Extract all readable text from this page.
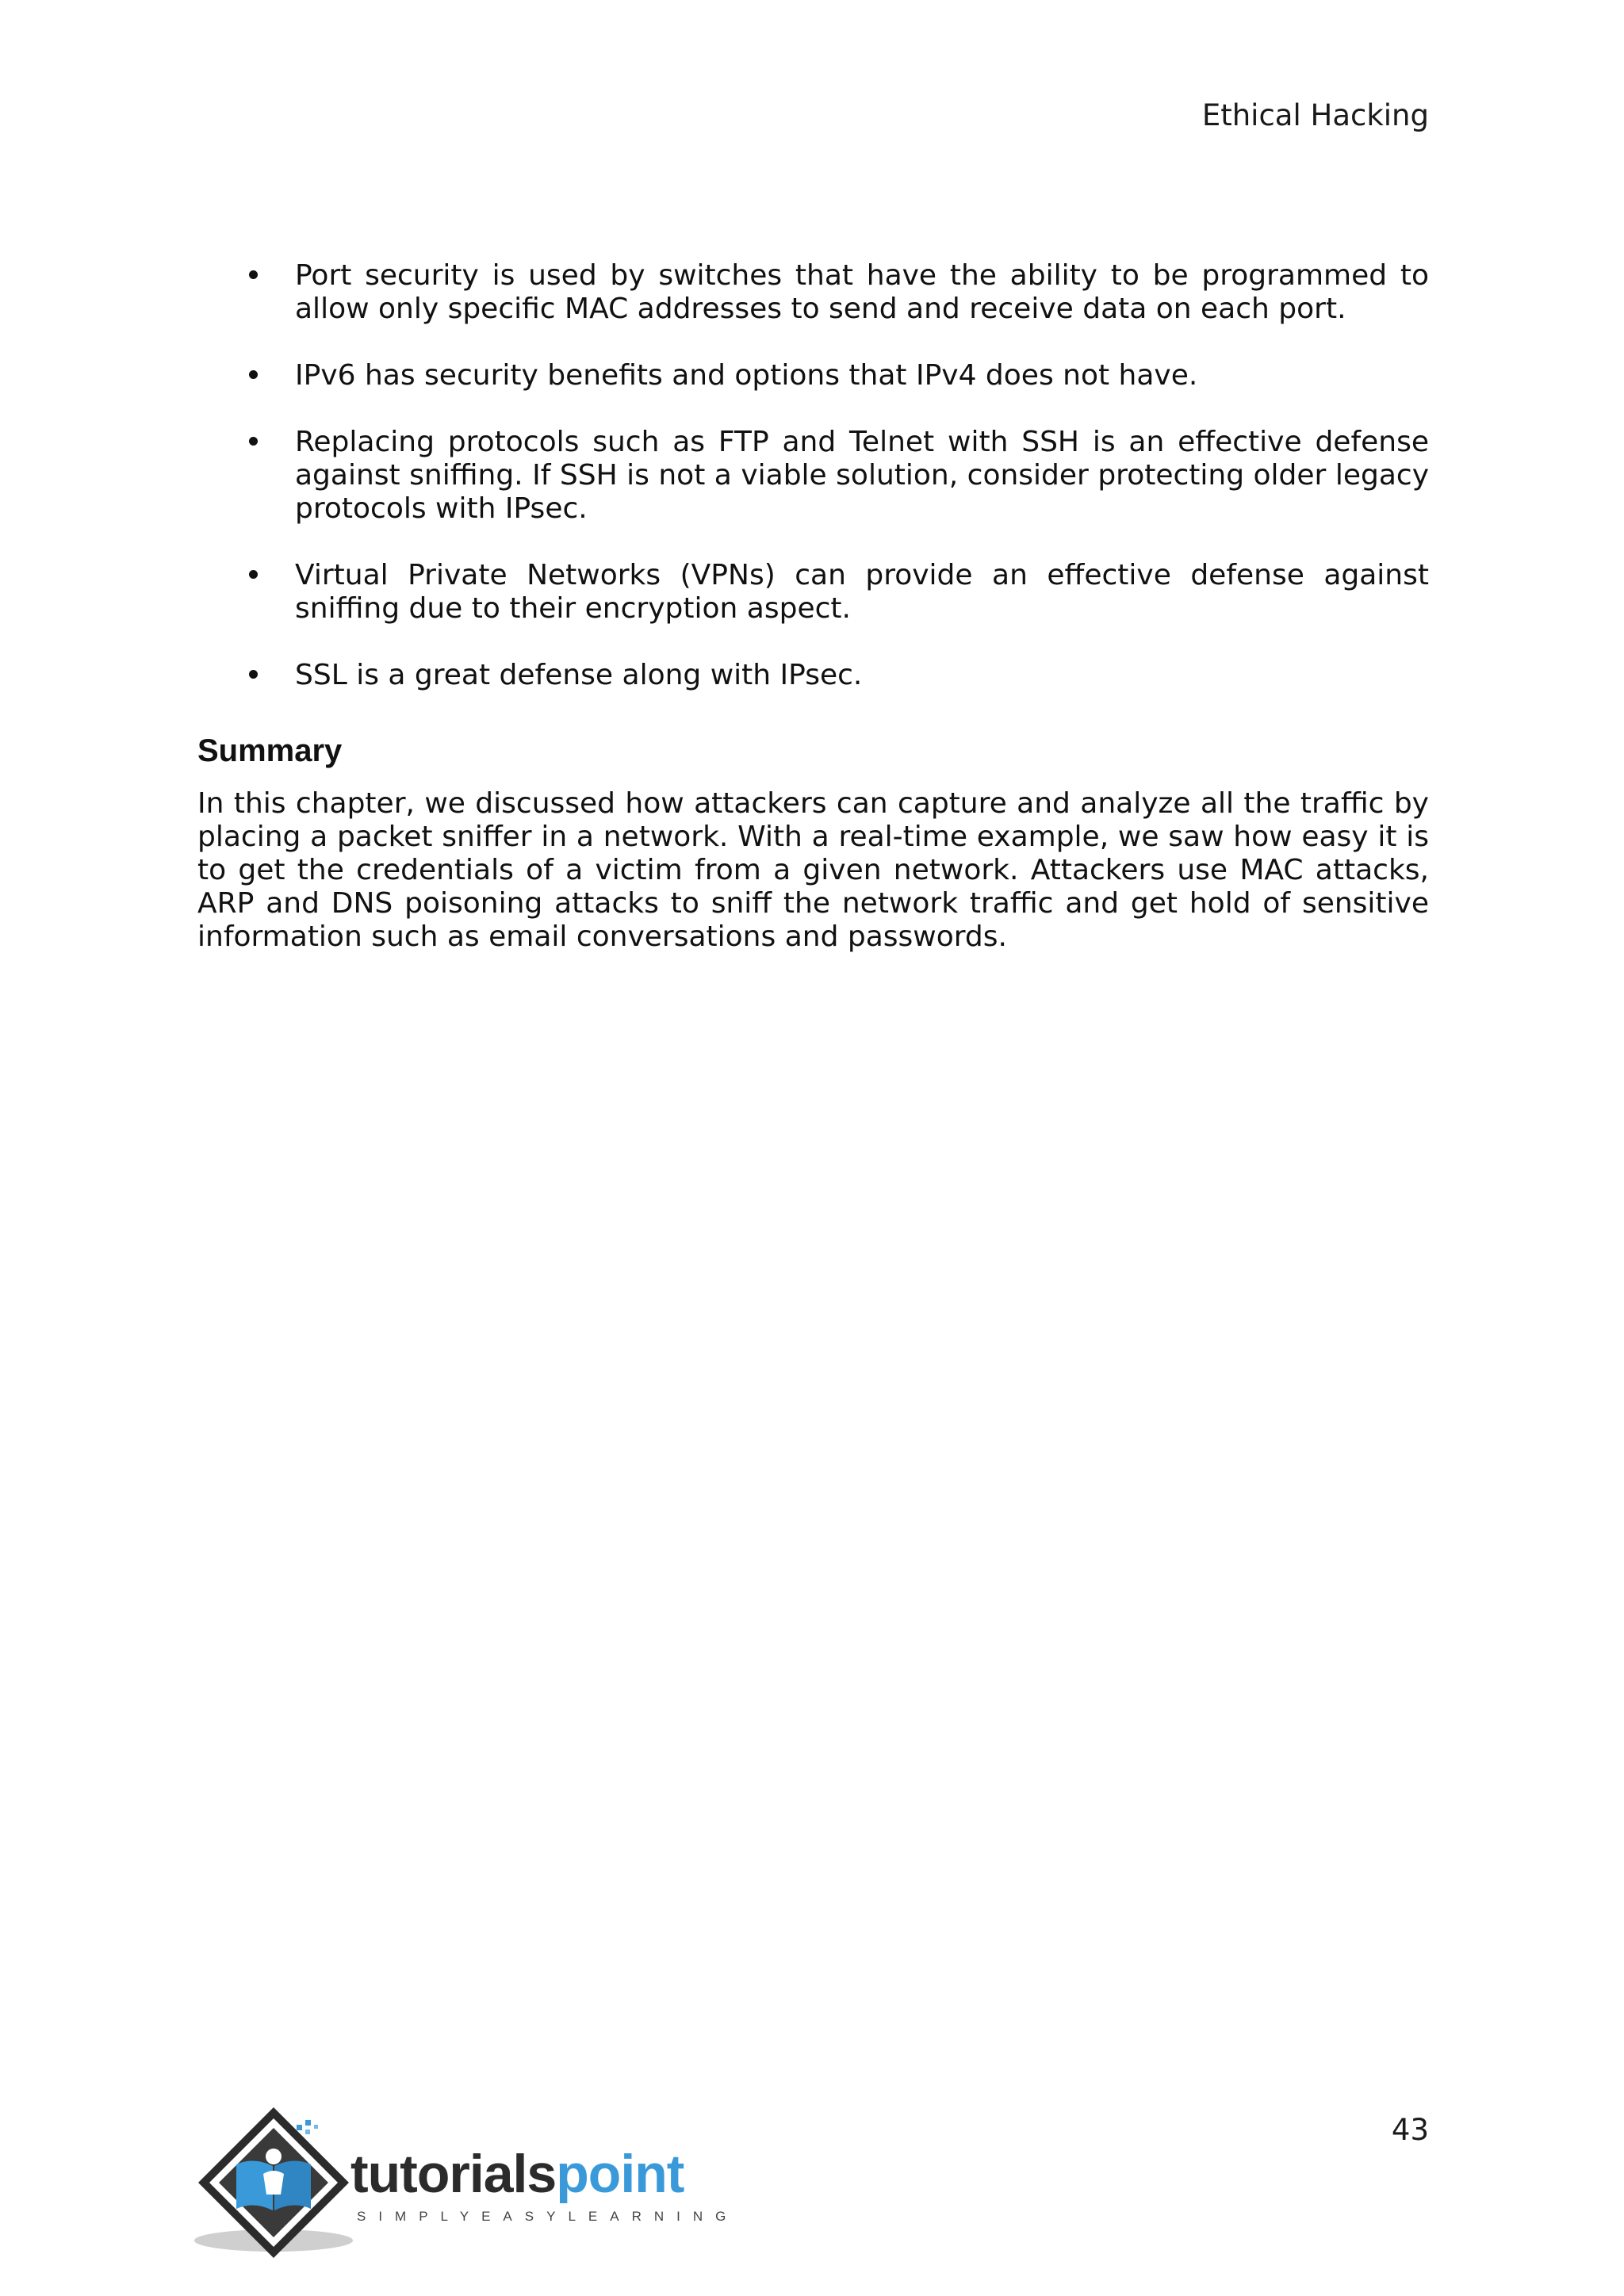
Ethical Hacking
Port security is used by switches that have the ability to be programmed to allow only specific MAC addresses to send and receive data on each port.
IPv6 has security benefits and options that IPv4 does not have.
Replacing protocols such as FTP and Telnet with SSH is an effective defense against sniffing. If SSH is not a viable solution, consider protecting older legacy protocols with IPsec.
Virtual Private Networks (VPNs) can provide an effective defense against sniffing due to their encryption aspect.
SSL is a great defense along with IPsec.
Summary

In this chapter, we discussed how attackers can capture and analyze all the traffic by placing a packet sniffer in a network. With a real-time example, we saw how easy it is to get the credentials of a victim from a given network. Attackers use MAC attacks, ARP and DNS poisoning attacks to sniff the network traffic and get hold of sensitive information such as email conversations and passwords.

43
tutorialspoint
SIMPLYEASYLEARNING
